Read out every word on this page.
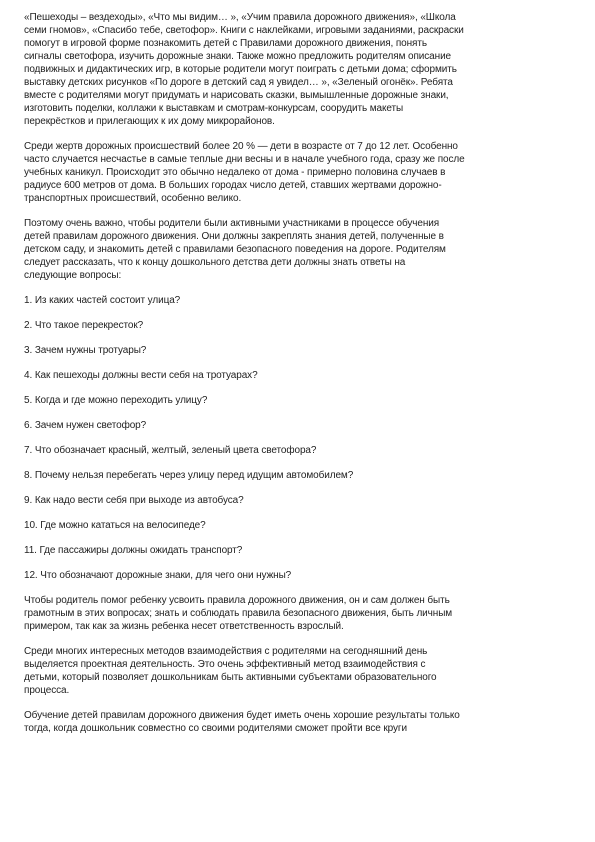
«Пешеходы – вездеходы», «Что мы видим… », «Учим правила дорожного движения», «Школа
семи гномов», «Спасибо тебе, светофор». Книги с наклейками, игровыми заданиями, раскраски
помогут в игровой форме познакомить детей с Правилами дорожного движения, понять
сигналы светофора, изучить дорожные знаки. Также можно предложить родителям описание
подвижных и дидактических игр, в которые родители могут поиграть с детьми дома; сформить
выставку детских рисунков «По дороге в детский сад я увидел… », «Зеленый огонёк». Ребята
вместе с родителями могут придумать и нарисовать сказки, вымышленные дорожные знаки,
изготовить поделки, коллажи к выставкам и смотрам-конкурсам, соорудить макеты
перекрёстков и прилегающих к их дому микрорайонов.

Среди жертв дорожных происшествий более 20 % — дети в возрасте от 7 до 12 лет. Особенно
часто случается несчастье в самые теплые дни весны и в начале учебного года, сразу же после
учебных каникул. Происходит это обычно недалеко от дома - примерно половина случаев в
радиусе 600 метров от дома. В больших городах число детей, ставших жертвами дорожно-
транспортных происшествий, особенно велико.

Поэтому очень важно, чтобы родители были активными участниками в процессе обучения
детей правилам дорожного движения. Они должны закреплять знания детей, полученные в
детском саду, и знакомить детей с правилами безопасного поведения на дороге. Родителям
следует рассказать, что к концу дошкольного детства дети должны знать ответы на
следующие вопросы:

1. Из каких частей состоит улица?
2. Что такое перекресток?
3. Зачем нужны тротуары?
4. Как пешеходы должны вести себя на тротуарах?
5. Когда и где можно переходить улицу?
6. Зачем нужен светофор?
7. Что обозначает красный, желтый, зеленый цвета светофора?
8. Почему нельзя перебегать через улицу перед идущим автомобилем?
9. Как надо вести себя при выходе из автобуса?
10. Где можно кататься на велосипеде?
11. Где пассажиры должны ожидать транспорт?
12. Что обозначают дорожные знаки, для чего они нужны?

Чтобы родитель помог ребенку усвоить правила дорожного движения, он и сам должен быть
грамотным в этих вопросах; знать и соблюдать правила безопасного движения, быть личным
примером, так как за жизнь ребенка несет ответственность взрослый.

Среди многих интересных методов взаимодействия с родителями на сегодняшний день
выделяется проектная деятельность. Это очень эффективный метод взаимодействия с
детьми, который позволяет дошкольникам быть активными субъектами образовательного
процесса.

Обучение детей правилам дорожного движения будет иметь очень хорошие результаты только
тогда, когда дошкольник совместно со своими родителями сможет пройти все круги
